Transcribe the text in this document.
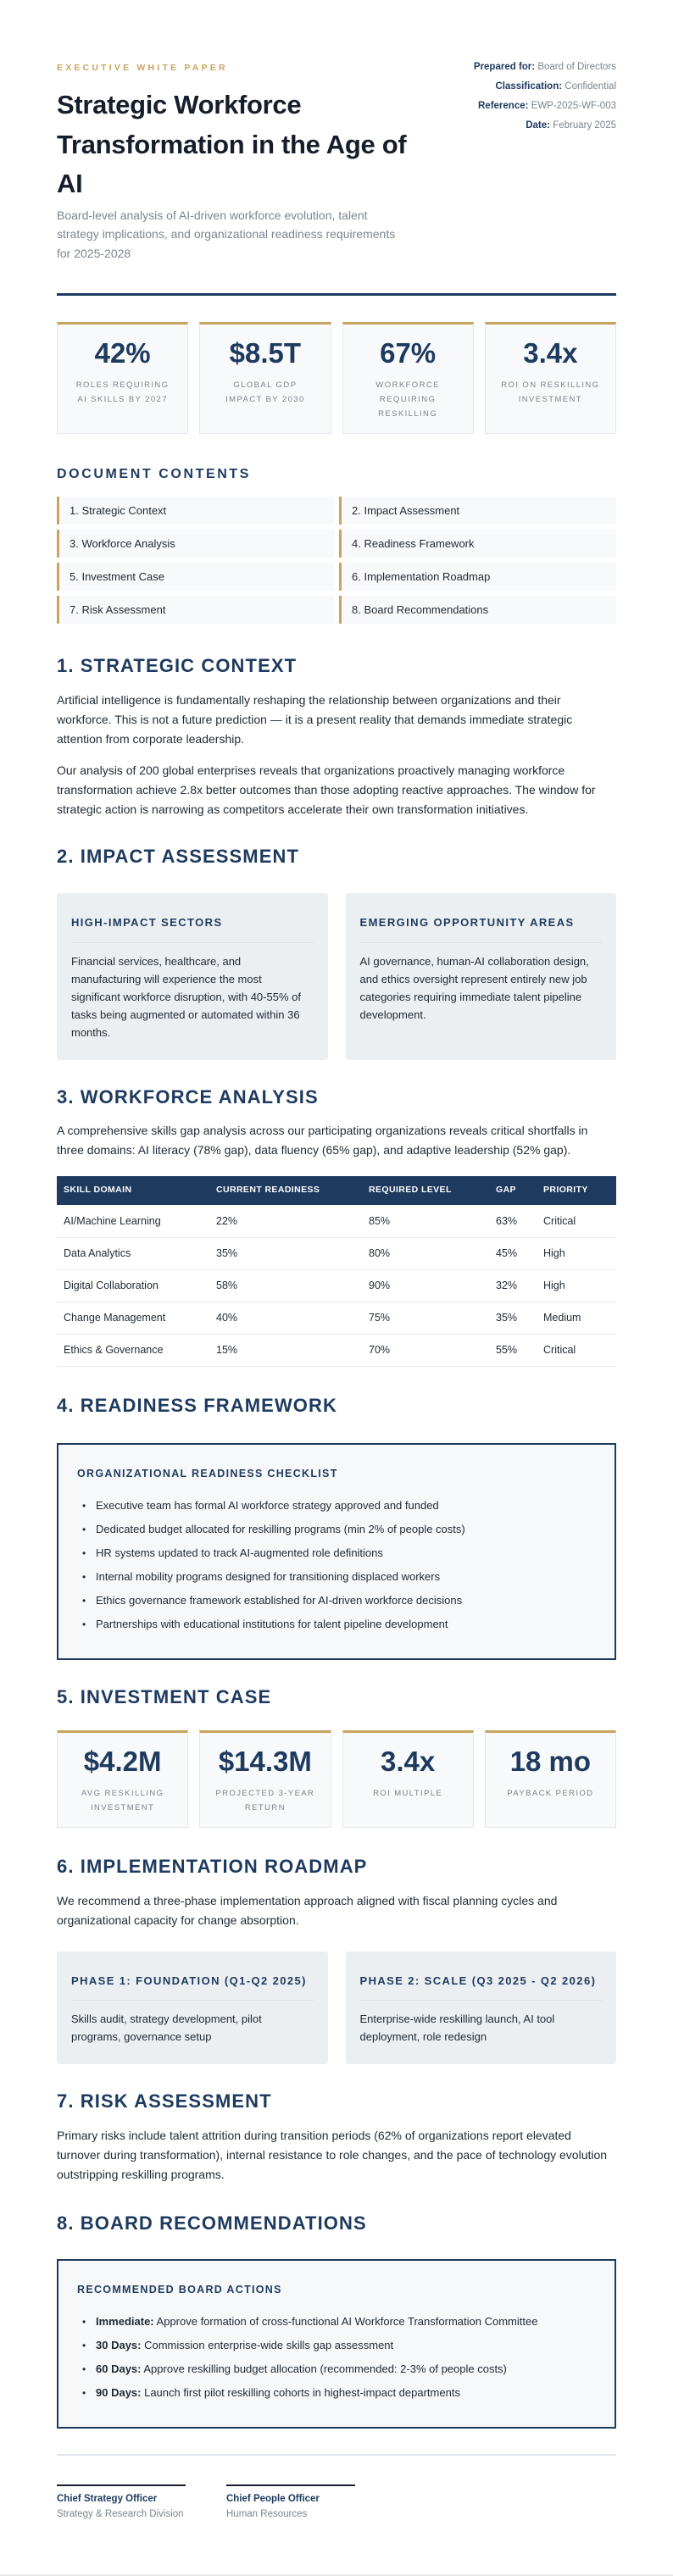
EXECUTIVE WHITE PAPER
Strategic Workforce Transformation in the Age of AI

Board-level analysis of AI-driven workforce evolution, talent strategy implications, and organizational readiness requirements for 2025-2028

Prepared for: Board of Directors
Classification: Confidential
Reference: EWP-2025-WF-003
Date: February 2025
42%
ROLES REQUIRING AI SKILLS BY 2027
$8.5T
GLOBAL GDP IMPACT BY 2030
67%
WORKFORCE REQUIRING RESKILLING
3.4x
ROI ON RESKILLING INVESTMENT
DOCUMENT CONTENTS
1. Strategic Context	2. Impact Assessment
3. Workforce Analysis	4. Readiness Framework
5. Investment Case	6. Implementation Roadmap
7. Risk Assessment	8. Board Recommendations
1. STRATEGIC CONTEXT

Artificial intelligence is fundamentally reshaping the relationship between organizations and their workforce. This is not a future prediction — it is a present reality that demands immediate strategic attention from corporate leadership.

Our analysis of 200 global enterprises reveals that organizations proactively managing workforce transformation achieve 2.8x better outcomes than those adopting reactive approaches. The window for strategic action is narrowing as competitors accelerate their own transformation initiatives.

2. IMPACT ASSESSMENT
HIGH-IMPACT SECTORS

Financial services, healthcare, and manufacturing will experience the most significant workforce disruption, with 40-55% of tasks being augmented or automated within 36 months.

EMERGING OPPORTUNITY AREAS

AI governance, human-AI collaboration design, and ethics oversight represent entirely new job categories requiring immediate talent pipeline development.

3. WORKFORCE ANALYSIS

A comprehensive skills gap analysis across our participating organizations reveals critical shortfalls in three domains: AI literacy (78% gap), data fluency (65% gap), and adaptive leadership (52% gap).

SKILL DOMAIN	CURRENT READINESS	REQUIRED LEVEL	GAP	PRIORITY
AI/Machine Learning	22%	85%	63%	Critical
Data Analytics	35%	80%	45%	High
Digital Collaboration	58%	90%	32%	High
Change Management	40%	75%	35%	Medium
Ethics & Governance	15%	70%	55%	Critical
4. READINESS FRAMEWORK
ORGANIZATIONAL READINESS CHECKLIST
• Executive team has formal AI workforce strategy approved and funded
• Dedicated budget allocated for reskilling programs (min 2% of people costs)
• HR systems updated to track AI-augmented role definitions
• Internal mobility programs designed for transitioning displaced workers
• Ethics governance framework established for AI-driven workforce decisions
• Partnerships with educational institutions for talent pipeline development
5. INVESTMENT CASE
$4.2M
AVG RESKILLING INVESTMENT
$14.3M
PROJECTED 3-YEAR RETURN
3.4x
ROI MULTIPLE
18 mo
PAYBACK PERIOD
6. IMPLEMENTATION ROADMAP

We recommend a three-phase implementation approach aligned with fiscal planning cycles and organizational capacity for change absorption.

PHASE 1: FOUNDATION (Q1-Q2 2025)

Skills audit, strategy development, pilot programs, governance setup

PHASE 2: SCALE (Q3 2025 - Q2 2026)

Enterprise-wide reskilling launch, AI tool deployment, role redesign

7. RISK ASSESSMENT

Primary risks include talent attrition during transition periods (62% of organizations report elevated turnover during transformation), internal resistance to role changes, and the pace of technology evolution outstripping reskilling programs.

8. BOARD RECOMMENDATIONS
RECOMMENDED BOARD ACTIONS
• Immediate: Approve formation of cross-functional AI Workforce Transformation Committee
• 30 Days: Commission enterprise-wide skills gap assessment
• 60 Days: Approve reskilling budget allocation (recommended: 2-3% of people costs)
• 90 Days: Launch first pilot reskilling cohorts in highest-impact departments
Chief Strategy Officer
Strategy & Research Division
Chief People Officer
Human Resources
